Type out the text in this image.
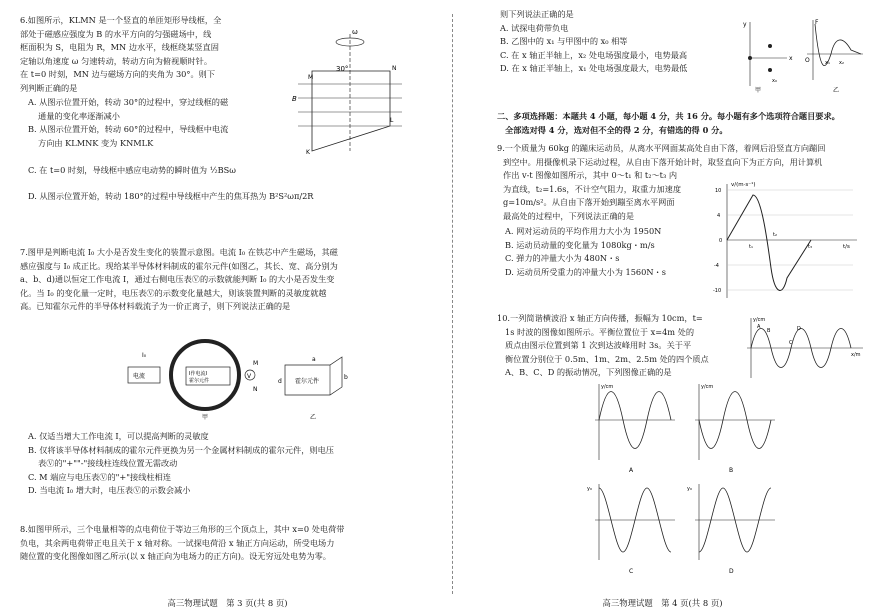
6.如图所示，KLMN 是一个竖直的单匝矩形导线框，全
部处于磁感应强度为 B 的水平方向的匀强磁场中，线
框面积为 S，电阻为 R，MN 边水平，线框绕某竖直固
定轴以角速度 ω 匀速转动，转动方向为俯视顺时针。
在 t=0 时刻，MN 边与磁场方向的夹角为 30°。则下
列判断正确的是
A. 从图示位置开始，转动 30°的过程中，穿过线框的磁
通量的变化率逐渐减小
B. 从图示位置开始，转动 60°的过程中，导线框中电流
方向由 KLMNK 变为 KNMLK
C. 在 t=0 时刻，导线框中感应电动势的瞬时值为 ½BSω
D. 从图示位置开始，转动 180°的过程中导线框中产生的焦耳热为 B²S²ωπ/2R
ω
30°
B
M
N
L
K
7.图甲是判断电流 I₀ 大小是否发生变化的装置示意图。电流 I₀ 在铁芯中产生磁场，其磁
感应强度与 I₀ 成正比。现给某半导体材料制成的霍尔元件(如图乙，其长、宽、高分别为
a、b、d)通以恒定工作电流 I，通过右侧电压表Ⓥ的示数就能判断 I₀ 的大小是否发生变
化。当 I₀ 的变化量一定时，电压表Ⓥ的示数变化量越大，则该装置判断的灵敏度就越
高。已知霍尔元件的半导体材料载流子为一价正离子，则下列说法正确的是
电流
I₀
I作电流I
霍尔元件
V
M
N
甲
霍尔元件
a
d
b
乙
A. 仅适当增大工作电流 I，可以提高判断的灵敏度
B. 仅将该半导体材料制成的霍尔元件更换为另一个金属材料制成的霍尔元件，则电压
表Ⓥ的"+""-"接线柱连线位置无需改动
C. M 端应与电压表Ⓥ的"+"接线柱相连
D. 当电流 I₀ 增大时，电压表Ⓥ的示数会减小
8.如图甲所示，三个电量相等的点电荷位于等边三角形的三个顶点上，其中 x=0 处电荷带
负电，其余两电荷带正电且关于 x 轴对称。一试探电荷沿 x 轴正方向运动，所受电场力
随位置的变化图像如图乙所示(以 x 轴正向为电场力的正方向)。设无穷远处电势为零。
高三物理试题　第 3 页(共 8 页)
则下列说法正确的是
A. 试探电荷带负电
B. 乙图中的 x₁ 与甲图中的 x₀ 相等
C. 在 x 轴正半轴上，x₂ 处电场强度最小，电势最高
D. 在 x 轴正半轴上，x₁ 处电场强度最大，电势最低
y
x
x₀
甲
F
O	x₁ x₂
乙
二、多项选择题：本题共 4 小题，每小题 4 分，共 16 分。每小题有多个选项符合题目要求。
全部选对得 4 分，选对但不全的得 2 分，有错选的得 0 分。
9.一个质量为 60kg 的蹦床运动员，从离水平网面某高处自由下落，着网后沿竖直方向蹦回
到空中。用摄像机录下运动过程，从自由下落开始计时，取竖直向下为正方向，用计算机
作出 v-t 图像如图所示，其中 0～t₁ 和 t₂～t₃ 内
为直线，t₂=1.6s，不计空气阻力，取重力加速度
g=10m/s²。从自由下落开始到蹦至离水平网面
最高处的过程中，下列说法正确的是
A. 网对运动员的平均作用力大小为 1950N
B. 运动员动量的变化量为 1080kg・m/s
C. 弹力的冲量大小为 480N・s
D. 运动员所受重力的冲量大小为 1560N・s
v/(m·s⁻¹)
t/s
10
4
0
-4
-10
t₁
t₂
t₃
10.一列简谐横波沿 x 轴正方向传播，振幅为 10cm，t=
1s 时波的图像如图所示。平衡位置位于 x=4m 处的
质点由图示位置到第 1 次到达波峰用时 3s。关于平
衡位置分别位于 0.5m、1m、2m、2.5m 处的四个质点
A、B、C、D 的振动情况，下列图像正确的是
y/cm
x/m
A
B
C
D
y/cm
A
y/cm
B
y₀
C
y₀
D
高三物理试题　第 4 页(共 8 页)
